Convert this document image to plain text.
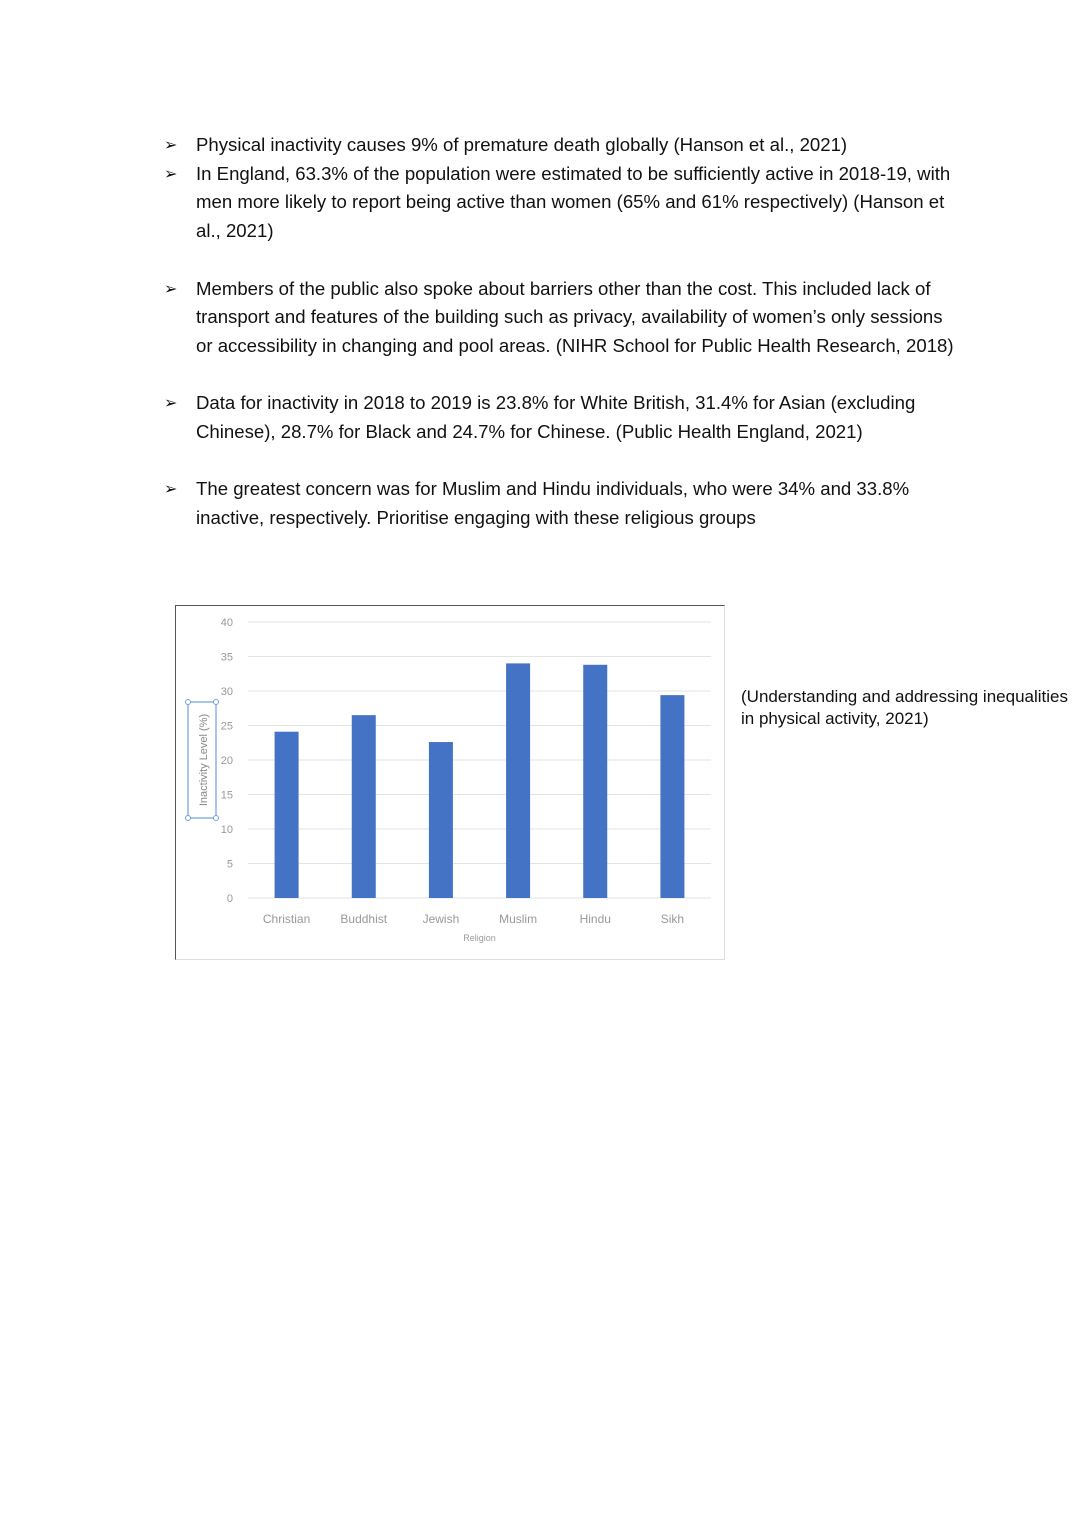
➢ Physical inactivity causes 9% of premature death globally (Hanson et al., 2021)
➢ In England, 63.3% of the population were estimated to be sufficiently active in 2018-19, with men more likely to report being active than women (65% and 61% respectively) (Hanson et al., 2021)
➢ Members of the public also spoke about barriers other than the cost. This included lack of transport and features of the building such as privacy, availability of women’s only sessions or accessibility in changing and pool areas. (NIHR School for Public Health Research, 2018)
➢ Data for inactivity in 2018 to 2019 is 23.8% for White British, 31.4% for Asian (excluding Chinese), 28.7% for Black and 24.7% for Chinese. (Public Health England, 2021)
➢ The greatest concern was for Muslim and Hindu individuals, who were 34% and 33.8% inactive, respectively. Prioritise engaging with these religious groups
0
5
10
15
20
25
30
35
40
Christian	Buddhist	Jewish	Muslim	Hindu	Sikh
Religion
Inactivity Level (%)
(Understanding and addressing inequalities in physical activity, 2021)
